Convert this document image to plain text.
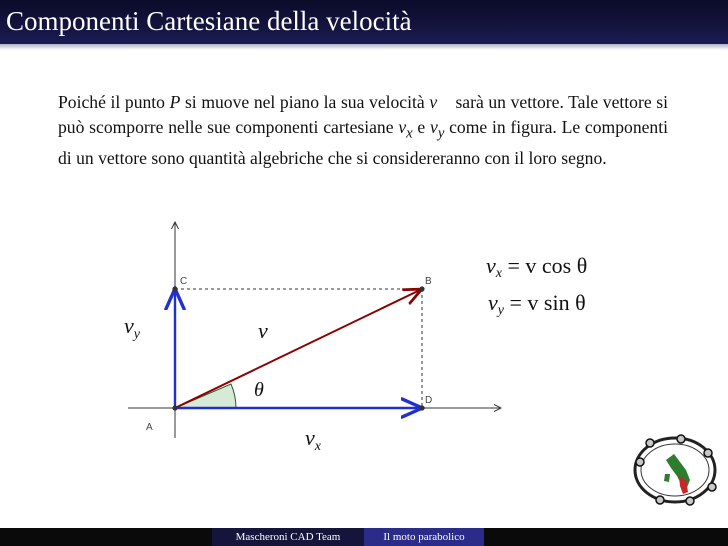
Componenti Cartesiane della velocità

Poiché il punto P si muove nel piano la sua velocità v⃗ sarà un vettore. Tale vettore si può scomporre nelle sue componenti cartesiane $v_x$ e $v_y$ come in figura. Le componenti di un vettore sono quantità algebriche che si considereranno con il loro segno.

A
B
C
D
$v_y$	v⃗
θ
$v_x$
$v_x = v$ cos θ
$v_y = v$ sin θ
Mascheroni CAD Team	Il moto parabolico
